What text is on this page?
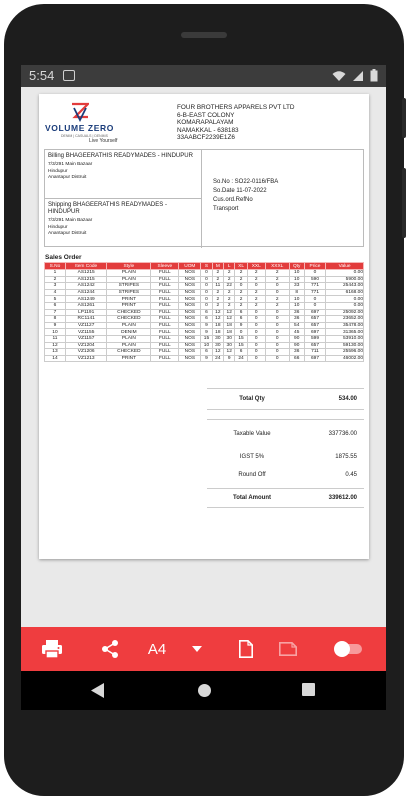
5:54
VOLUME ZERO
DENIM | CASUALS | DENIMS
Live Yourself
FOUR BROTHERS APPARELS PVT LTD
6-B-EAST COLONY
KOMARAPALAYAM
NAMAKKAL - 638183
33AABCF2239E1Z6
Billing BHAGEERATHIS READYMADES - HINDUPUR
7/3/291 Main Bazaar
Hindupur
Anantapur Distruit
Shipping BHAGEERATHIS READYMADES - HINDUPUR
7/3/291 Main Bazaar
Hindupur
Anantapur Distruit
So.No : SO22-0116/FBA
So.Date 11-07-2022
Cus.ord.RefNo
Transport
Sales Order
S.No	Item Code	Style	Sleeve	UOM	S	M	L	XL	XXL	XXXL	Qty	Price	Value
1	AS1215	PLAIN	FULL	NOS	0	2	2	2	2	2	10	0	0.00
2	AS1215	PLAIN	FULL	NOS	0	2	2	2	2	2	10	590	5900.00
3	AS1242	STRIPES	FULL	NOS	0	11	22	0	0	0	33	771	25443.00
4	AS1244	STRIPES	FULL	NOS	0	2	2	2	2	0	8	771	6168.00
5	AS1249	PRINT	FULL	NOS	0	2	2	2	2	2	10	0	0.00
6	AS1261	PRINT	FULL	NOS	0	2	2	2	2	2	10	0	0.00
7	LP1191	CHECKED	FULL	NOS	6	12	12	6	0	0	36	697	25092.00
8	RC1141	CHECKED	FULL	NOS	6	12	12	6	0	0	36	657	23652.00
9	VZ1127	PLAIN	FULL	NOS	9	18	18	9	0	0	54	657	35478.00
10	VZ1155	DENIM	FULL	NOS	9	18	18	0	0	0	45	697	31365.00
11	VZ1157	PLAIN	FULL	NOS	15	30	30	15	0	0	90	599	53910.00
12	VZ1204	PLAIN	FULL	NOS	10	30	30	15	0	0	90	657	59130.00
13	VZ1206	CHECKED	FULL	NOS	6	12	12	6	0	0	36	711	25596.00
14	VZ1213	PRINT	FULL	NOS	9	24	9	24	0	0	66	697	46002.00
Total Qty	534.00
Taxable Value	337736.00
IGST 5%	1875.55
Round Off	0.45
Total Amount	339612.00
A4
